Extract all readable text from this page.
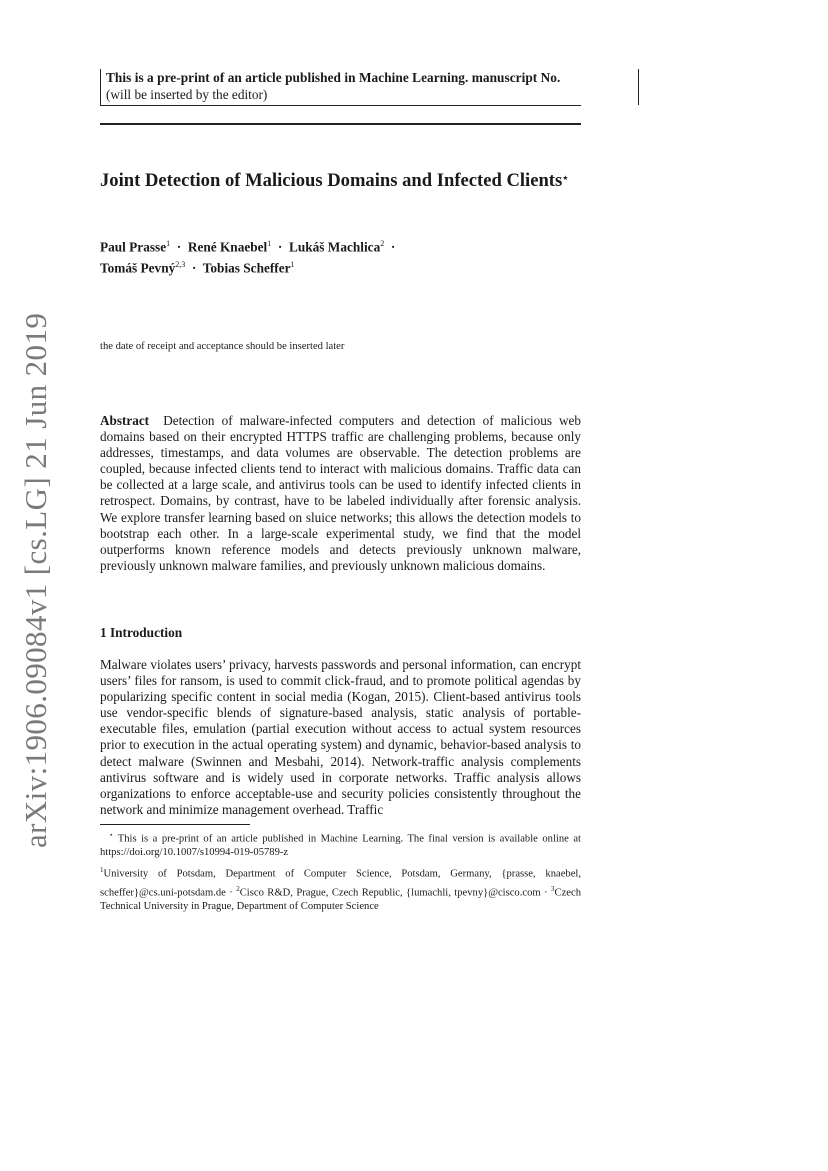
This is a pre-print of an article published in Machine Learning. manuscript No.
(will be inserted by the editor)
Joint Detection of Malicious Domains and Infected Clients⋆
Paul Prasse$^1$  ·  René Knaebel$^1$  ·  Lukáš Machlica$^2$  ·  Tomáš Pevný$^{2,3}$  ·  Tobias Scheffer$^1$
the date of receipt and acceptance should be inserted later
Abstract Detection of malware-infected computers and detection of malicious web domains based on their encrypted HTTPS traffic are challenging problems, because only addresses, timestamps, and data volumes are observable. The detection problems are coupled, because infected clients tend to interact with malicious domains. Traffic data can be collected at a large scale, and antivirus tools can be used to identify infected clients in retrospect. Domains, by contrast, have to be labeled individually after forensic analysis. We explore transfer learning based on sluice networks; this allows the detection models to bootstrap each other. In a large-scale experimental study, we find that the model outperforms known reference models and detects previously unknown malware, previously unknown malware families, and previously unknown malicious domains.
1 Introduction
Malware violates users’ privacy, harvests passwords and personal information, can encrypt users’ files for ransom, is used to commit click-fraud, and to promote political agendas by popularizing specific content in social media (Kogan, 2015). Client-based antivirus tools use vendor-specific blends of signature-based analysis, static analysis of portable-executable files, emulation (partial execution without access to actual system resources prior to execution in the actual operating system) and dynamic, behavior-based analysis to detect malware (Swinnen and Mesbahi, 2014). Network-traffic analysis complements antivirus software and is widely used in corporate networks. Traffic analysis allows organizations to enforce acceptable-use and security policies consistently throughout the network and minimize management overhead. Traffic
⋆ This is a pre-print of an article published in Machine Learning. The final version is available online at https://doi.org/10.1007/s10994-019-05789-z
$^1$University of Potsdam, Department of Computer Science, Potsdam, Germany, {prasse, knaebel, scheffer}@cs.uni-potsdam.de · $^2$Cisco R&D, Prague, Czech Republic, {lumachli, tpevny}@cisco.com · $^3$Czech Technical University in Prague, Department of Computer Science
arXiv:1906.09084v1 [cs.LG] 21 Jun 2019
